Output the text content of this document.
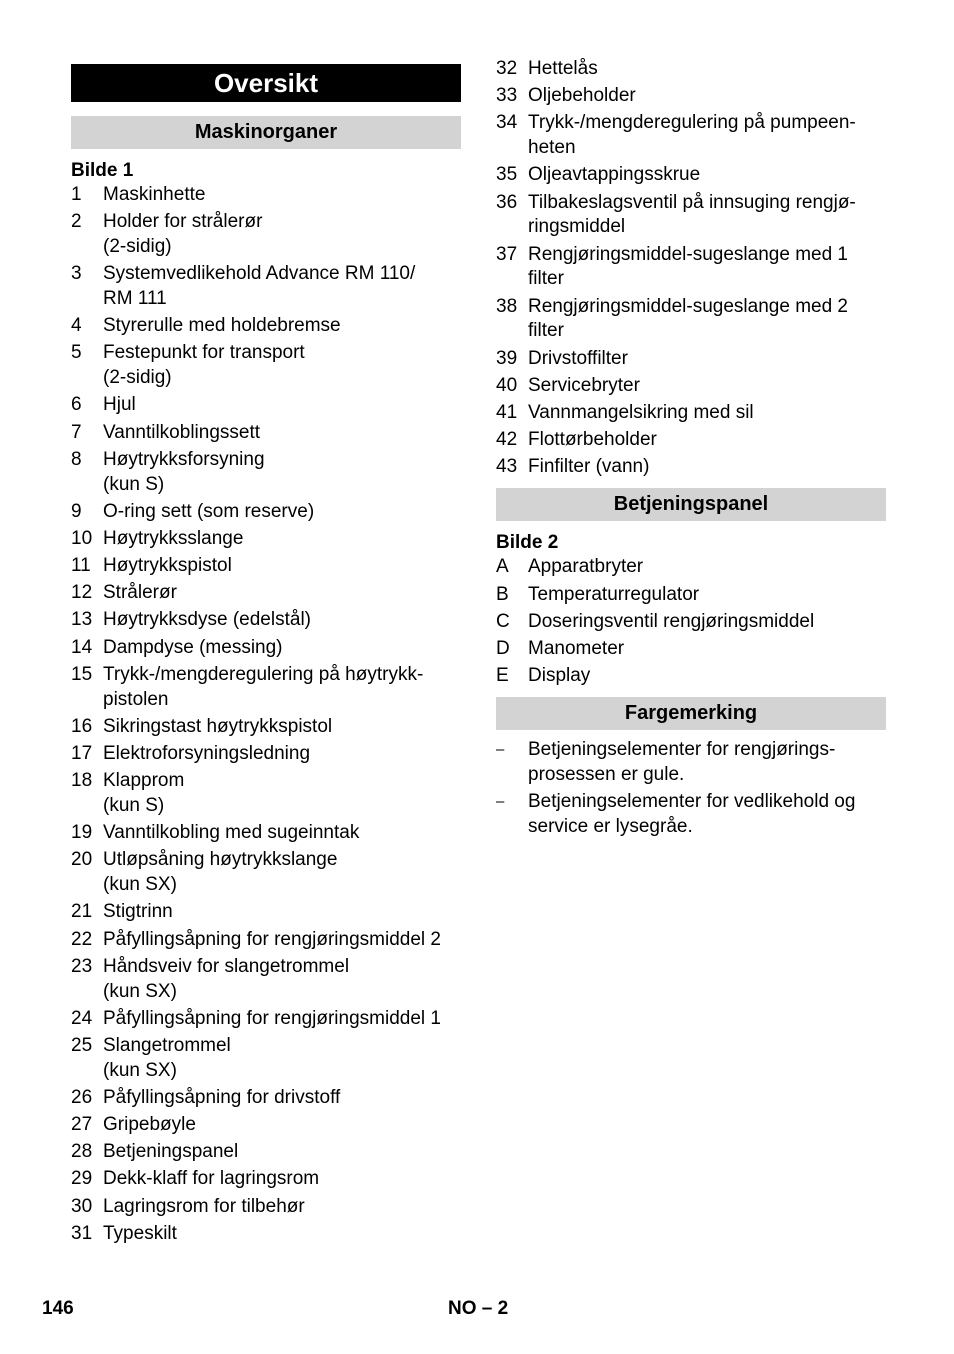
Oversikt
Maskinorganer
Bilde 1
1	Maskinhette
2	Holder for strålerør
(2-sidig)
3	Systemvedlikehold Advance RM 110/
RM 111
4	Styrerulle med holdebremse
5	Festepunkt for transport
(2-sidig)
6	Hjul
7	Vanntilkoblingssett
8	Høytrykksforsyning
(kun S)
9	O-ring sett (som reserve)
10 Høytrykksslange
11 Høytrykkspistol
12 Strålerør
13 Høytrykksdyse (edelstål)
14 Dampdyse (messing)
15 Trykk-/mengderegulering på høytrykk-
pistolen
16 Sikringstast høytrykkspistol
17 Elektroforsyningsledning
18 Klapprom
(kun S)
19 Vanntilkobling med sugeinntak
20 Utløpsåning høytrykkslange
(kun SX)
21 Stigtrinn
22 Påfyllingsåpning for rengjøringsmiddel 2
23 Håndsveiv for slangetrommel
(kun SX)
24 Påfyllingsåpning for rengjøringsmiddel 1
25 Slangetrommel
(kun SX)
26 Påfyllingsåpning for drivstoff
27 Gripebøyle
28 Betjeningspanel
29 Dekk-klaff for lagringsrom
30 Lagringsrom for tilbehør
31 Typeskilt
32 Hettelås
33 Oljebeholder
34 Trykk-/mengderegulering på pumpeen-
heten
35 Oljeavtappingsskrue
36 Tilbakeslagsventil på innsuging rengjø-
ringsmiddel
37 Rengjøringsmiddel-sugeslange med 1
filter
38 Rengjøringsmiddel-sugeslange med 2
filter
39 Drivstoffilter
40 Servicebryter
41 Vannmangelsikring med sil
42 Flottørbeholder
43 Finfilter (vann)
Betjeningspanel
Bilde 2
A	Apparatbryter
B	Temperaturregulator
C Doseringsventil rengjøringsmiddel
D Manometer
E	Display
Fargemerking
–	Betjeningselementer for rengjørings-
prosessen er gule.
–	Betjeningselementer for vedlikehold og
service er lysegråe.
146	NO – 2
